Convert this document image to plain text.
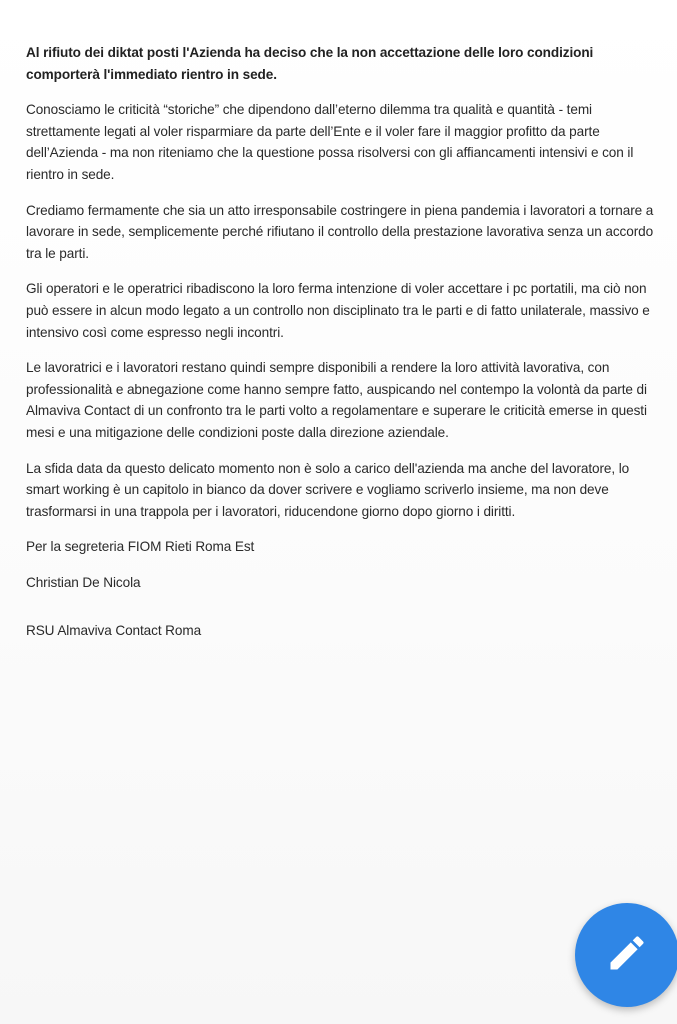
Al rifiuto dei diktat posti l'Azienda ha deciso che la non accettazione delle loro condizioni comporterà l'immediato rientro in sede.

Conosciamo le criticità “storiche” che dipendono dall’eterno dilemma tra qualità e quantità - temi strettamente legati al voler risparmiare da parte dell’Ente e il voler fare il maggior profitto da parte dell’Azienda - ma non riteniamo che la questione possa risolversi con gli affiancamenti intensivi e con il rientro in sede.

Crediamo fermamente che sia un atto irresponsabile costringere in piena pandemia i lavoratori a tornare a lavorare in sede, semplicemente perché rifiutano il controllo della prestazione lavorativa senza un accordo tra le parti.

Gli operatori e le operatrici ribadiscono la loro ferma intenzione di voler accettare i pc portatili, ma ciò non può essere in alcun modo legato a un controllo non disciplinato tra le parti e di fatto unilaterale, massivo e intensivo così come espresso negli incontri.

Le lavoratrici e i lavoratori restano quindi sempre disponibili a rendere la loro attività lavorativa, con professionalità e abnegazione come hanno sempre fatto, auspicando nel contempo la volontà da parte di Almaviva Contact di un confronto tra le parti volto a regolamentare e superare le criticità emerse in questi mesi e una mitigazione delle condizioni poste dalla direzione aziendale.

La sfida data da questo delicato momento non è solo a carico dell'azienda ma anche del lavoratore, lo smart working è un capitolo in bianco da dover scrivere e vogliamo scriverlo insieme, ma non deve trasformarsi in una trappola per i lavoratori, riducendone giorno dopo giorno i diritti.

Per la segreteria FIOM Rieti Roma Est

Christian De Nicola

RSU Almaviva Contact Roma
